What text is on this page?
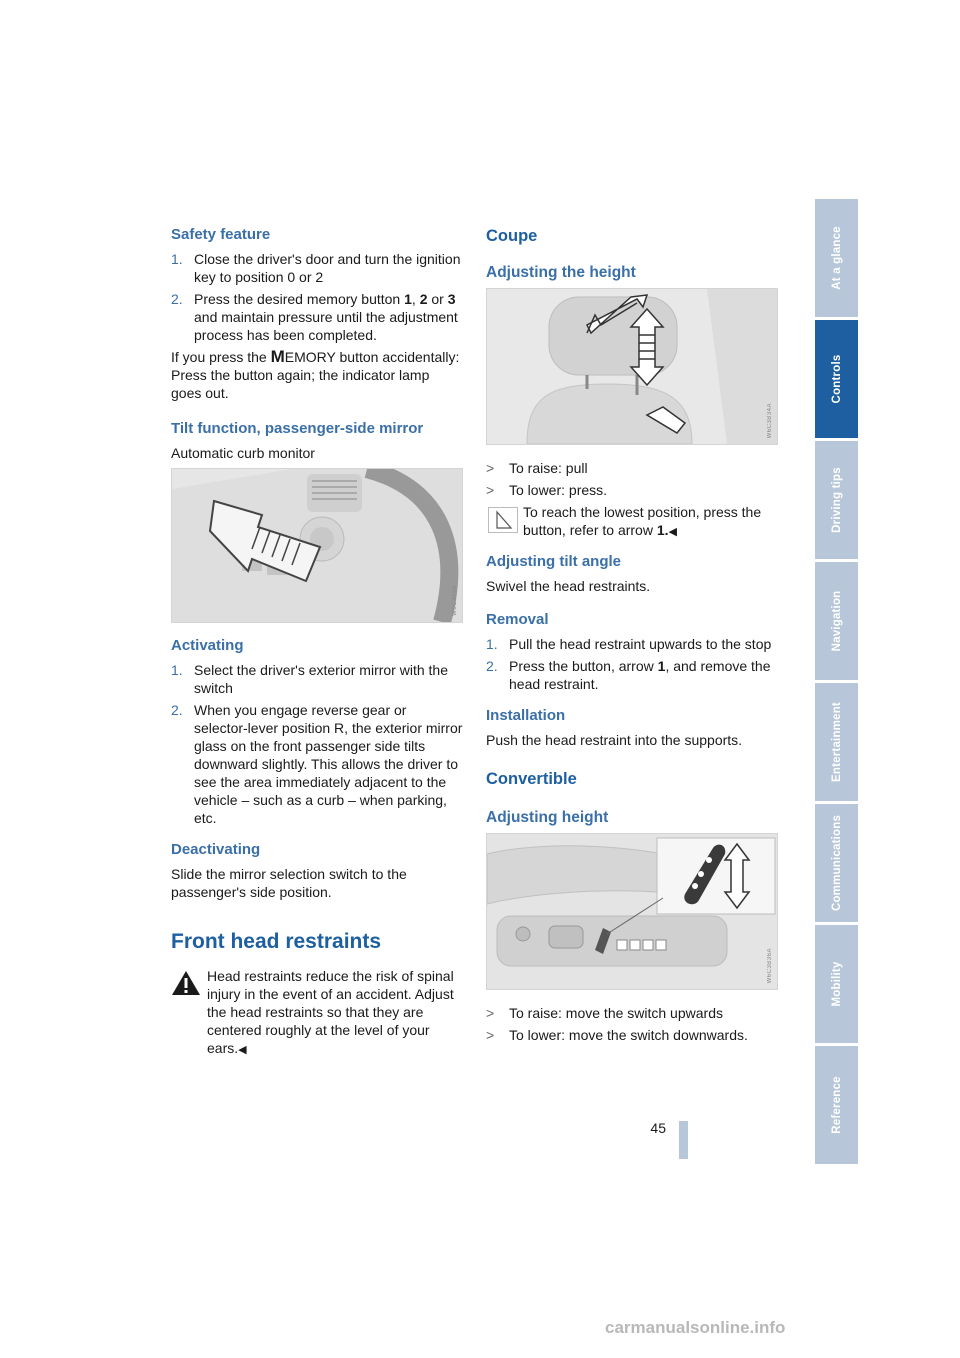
Safety feature
1. Close the driver's door and turn the ignition key to position 0 or 2
2. Press the desired memory button 1, 2 or 3 and maintain pressure until the adjustment process has been completed.

If you press the MEMORY button accidentally:
Press the button again; the indicator lamp goes out.

Tilt function, passenger-side mirror

Automatic curb monitor

W6C303A
Activating
1. Select the driver's exterior mirror with the switch
2. When you engage reverse gear or selector-lever position R, the exterior mirror glass on the front passenger side tilts downward slightly. This allows the driver to see the area immediately adjacent to the vehicle – such as a curb – when parking, etc.
Deactivating

Slide the mirror selection switch to the passenger's side position.

Front head restraints
Head restraints reduce the risk of spinal injury in the event of an accident. Adjust the head restraints so that they are centered roughly at the level of your ears.◀
Coupe
Adjusting the height
W6C3B34A
> To raise: pull
> To lower: press.
To reach the lowest position, press the button, refer to arrow 1.◀
Adjusting tilt angle

Swivel the head restraints.

Removal
1. Pull the head restraint upwards to the stop
2. Press the button, arrow 1, and remove the head restraint.
Installation

Push the head restraint into the supports.

Convertible
Adjusting height
W6C3B36A
> To raise: move the switch upwards
> To lower: move the switch downwards.
At a glance
Controls
Driving tips
Navigation
Entertainment
Communications
Mobility
Reference
45
carmanualsonline.info
